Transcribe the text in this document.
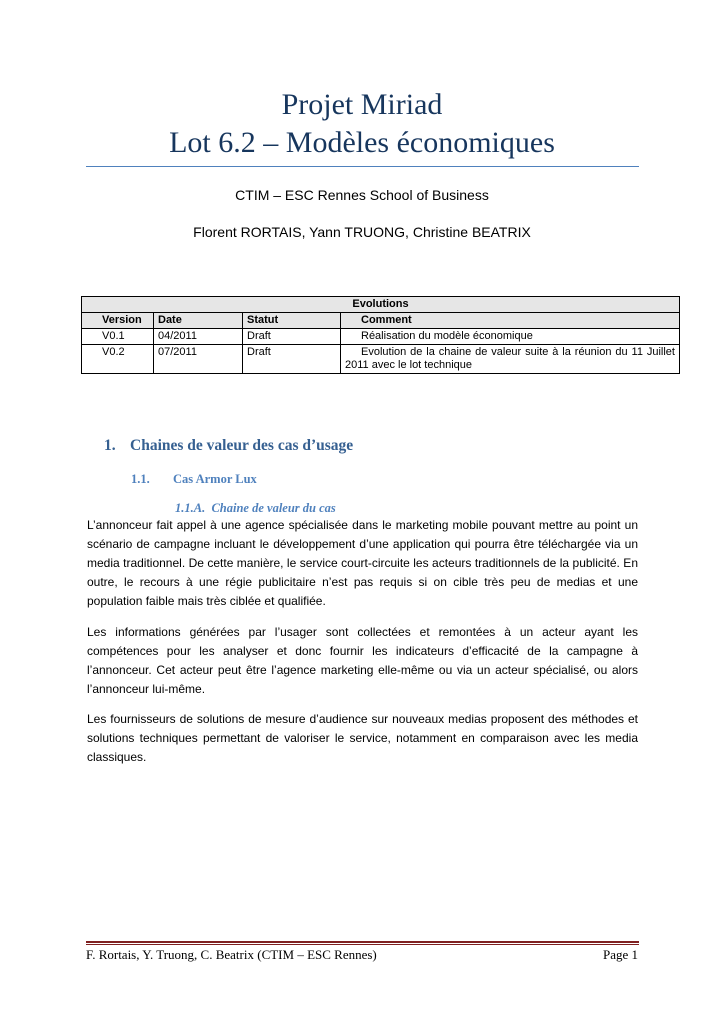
Projet Miriad
Lot 6.2 – Modèles économiques
CTIM – ESC Rennes School of Business
Florent RORTAIS, Yann TRUONG, Christine BEATRIX
Evolutions			
Version	Date	Statut	Comment
V0.1	04/2011	Draft	Réalisation du modèle économique
V0.2	07/2011	Draft	Evolution de la chaine de valeur suite à la réunion du 11 Juillet 2011 avec le lot technique
1. Chaines de valeur des cas d’usage
1.1. Cas Armor Lux
1.1.A. Chaine de valeur du cas

L’annonceur fait appel à une agence spécialisée dans le marketing mobile pouvant mettre au point un scénario de campagne incluant le développement d’une application qui pourra être téléchargée via un media traditionnel. De cette manière, le service court-circuite les acteurs traditionnels de la publicité. En outre, le recours à une régie publicitaire n’est pas requis si on cible très peu de medias et une population faible mais très ciblée et qualifiée.

Les informations générées par l’usager sont collectées et remontées à un acteur ayant les compétences pour les analyser et donc fournir les indicateurs d’efficacité de la campagne à l’annonceur. Cet acteur peut être l’agence marketing elle-même ou via un acteur spécialisé, ou alors l’annonceur lui-même.

Les fournisseurs de solutions de mesure d’audience sur nouveaux medias proposent des méthodes et solutions techniques permettant de valoriser le service, notamment en comparaison avec les media classiques.

F. Rortais, Y. Truong, C. Beatrix (CTIM – ESC Rennes)	Page 1
